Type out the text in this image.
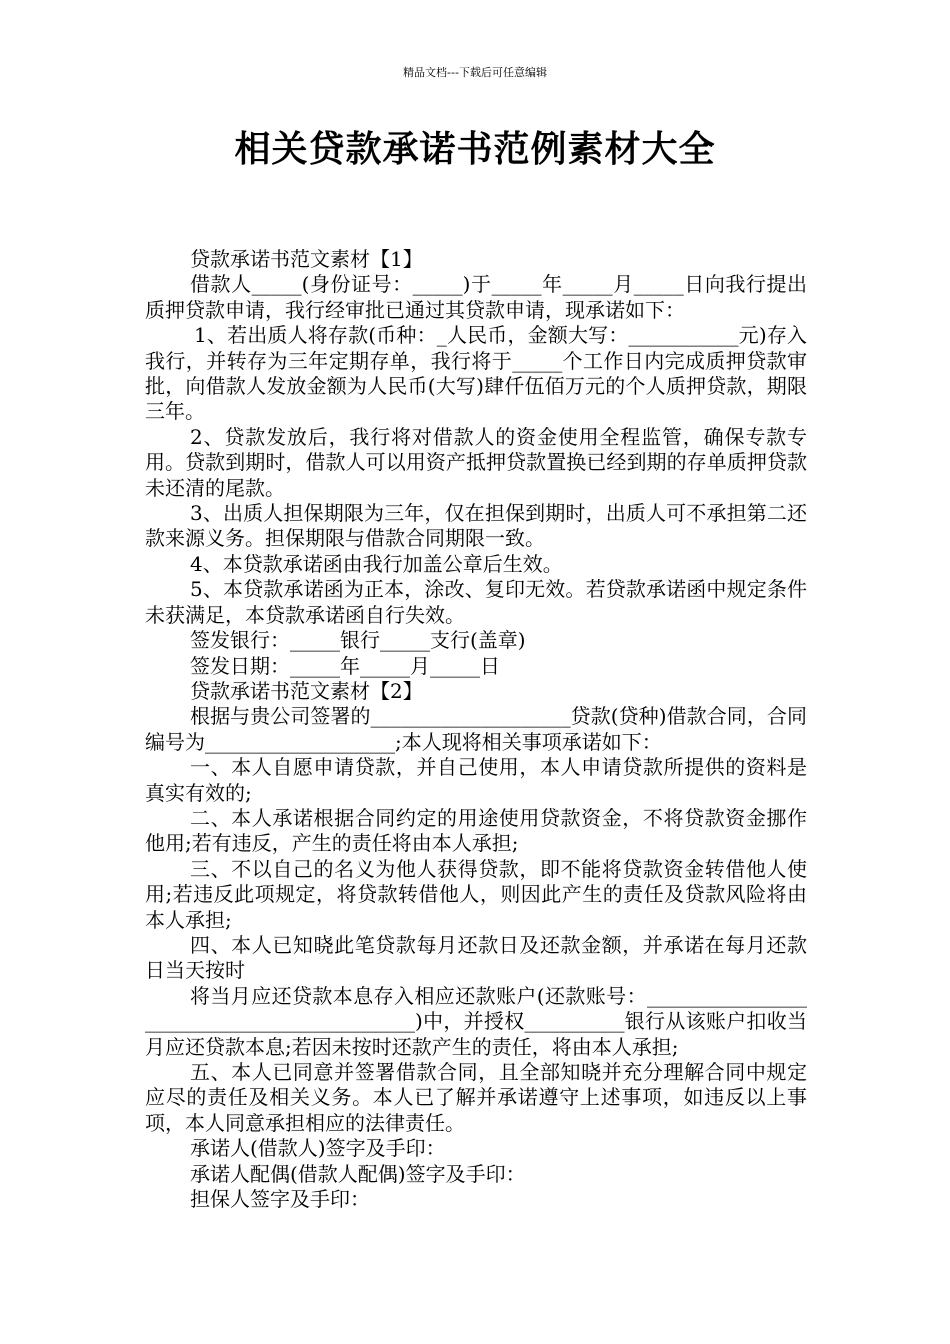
精品文档---下载后可任意编辑
相关贷款承诺书范例素材大全

贷款承诺书范文素材【1】

借款人_____(身份证号：_____)于_____年_____月_____日向我行提出质押贷款申请，我行经审批已通过其贷款申请，现承诺如下：

1、若出质人将存款(币种：_人民币，金额大写：___________元)存入我行，并转存为三年定期存单，我行将于_____个工作日内完成质押贷款审批，向借款人发放金额为人民币(大写)肆仟伍佰万元的个人质押贷款，期限三年。

2、贷款发放后，我行将对借款人的资金使用全程监管，确保专款专用。贷款到期时，借款人可以用资产抵押贷款置换已经到期的存单质押贷款未还清的尾款。

3、出质人担保期限为三年，仅在担保到期时，出质人可不承担第二还款来源义务。担保期限与借款合同期限一致。

4、本贷款承诺函由我行加盖公章后生效。

5、本贷款承诺函为正本，涂改、复印无效。若贷款承诺函中规定条件未获满足，本贷款承诺函自行失效。

签发银行：_____银行_____支行(盖章)

签发日期：_____年_____月_____日

贷款承诺书范文素材【2】

根据与贵公司签署的____________________贷款(贷种)借款合同，合同编号为___________________;本人现将相关事项承诺如下：

一、本人自愿申请贷款，并自己使用，本人申请贷款所提供的资料是真实有效的;

二、本人承诺根据合同约定的用途使用贷款资金，不将贷款资金挪作他用;若有违反，产生的责任将由本人承担;

三、不以自己的名义为他人获得贷款，即不能将贷款资金转借他人使用;若违反此项规定，将贷款转借他人，则因此产生的责任及贷款风险将由本人承担;

四、本人已知晓此笔贷款每月还款日及还款金额，并承诺在每月还款日当天按时

将当月应还贷款本息存入相应还款账户(还款账号：___________________________________________)中，并授权__________银行从该账户扣收当月应还贷款本息;若因未按时还款产生的责任，将由本人承担;

五、本人已同意并签署借款合同，且全部知晓并充分理解合同中规定应尽的责任及相关义务。本人已了解并承诺遵守上述事项，如违反以上事项，本人同意承担相应的法律责任。

承诺人(借款人)签字及手印：

承诺人配偶(借款人配偶)签字及手印：

担保人签字及手印：
